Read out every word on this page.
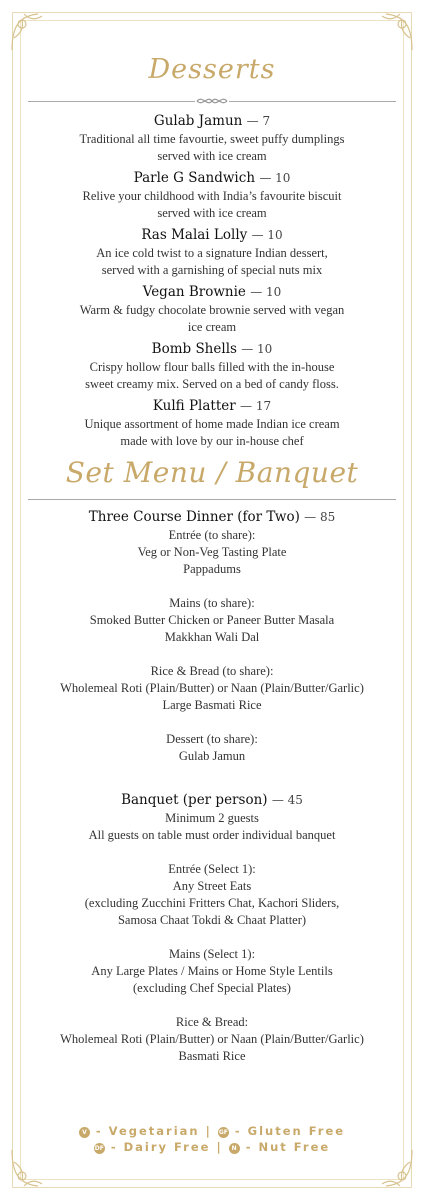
Desserts
Gulab Jamun — 7
Traditional all time favourtie, sweet puffy dumplings
served with ice cream
Parle G Sandwich — 10
Relive your childhood with India’s favourite biscuit
served with ice cream
Ras Malai Lolly — 10
An ice cold twist to a signature Indian dessert,
served with a garnishing of special nuts mix
Vegan Brownie — 10
Warm & fudgy chocolate brownie served with vegan
ice cream
Bomb Shells — 10
Crispy hollow flour balls filled with the in-house
sweet creamy mix. Served on a bed of candy floss.
Kulfi Platter — 17
Unique assortment of home made Indian ice cream
made with love by our in-house chef
Set Menu / Banquet
Three Course Dinner (for Two) — 85
Entrée (to share):
Veg or Non-Veg Tasting Plate
Pappadums
Mains (to share):
Smoked Butter Chicken or Paneer Butter Masala
Makkhan Wali Dal
Rice & Bread (to share):
Wholemeal Roti (Plain/Butter) or Naan (Plain/Butter/Garlic)
Large Basmati Rice
Dessert (to share):
Gulab Jamun
Banquet (per person) — 45
Minimum 2 guests
All guests on table must order individual banquet
Entrée (Select 1):
Any Street Eats
(excluding Zucchini Fritters Chat, Kachori Sliders,
Samosa Chaat Tokdi & Chaat Platter)
Mains (Select 1):
Any Large Plates / Mains or Home Style Lentils
(excluding Chef Special Plates)
Rice & Bread:
Wholemeal Roti (Plain/Butter) or Naan (Plain/Butter/Garlic)
Basmati Rice
V - Vegetarian | GF - Gluten Free
DF - Dairy Free | N - Nut Free
